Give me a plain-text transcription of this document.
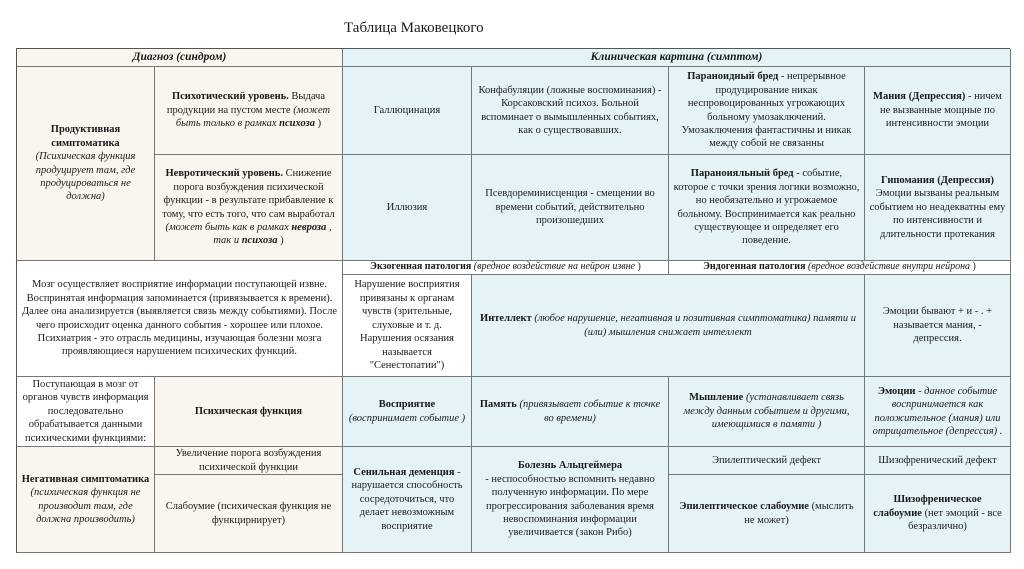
Таблица Маковецкого
Диагноз (синдром)	Клиническая картина (симптом)
Продуктивная симптоматика
(Психическая функция продуцирует там, где продуцироваться не должна)
Психотический уровень. Выдача продукции на пустом месте (может быть только в рамках психоза )
Галлюцинация
Конфабуляции (ложные воспоминания) - Корсаковский психоз. Больной вспоминает о вымышленных событиях, как о существовавших.
Параноидный бред - непрерывное продуцирование никак неспровоцированных угрожающих больному умозаключений. Умозаключения фантастичны и никак между собой не связанны
Мания (Депрессия) - ничем не вызванные мощные по интенсивности эмоции
Невротический уровень. Снижение порога возбуждения психической функции - в результате прибавление к тому, что есть того, что сам выработал (может быть как в рамках невроза , так и психоза )
Иллюзия
Псевдореминисценция - смещении во времени событий, действительно произошедших
Параноияльный бред - событие, которое с точки зрения логики возможно, но необязательно и угрожаемое больному. Воспринимается как реально существующее и определяет его поведение.
Гипомания (Депрессия)
Эмоции вызваны реальным событием но неадекватны ему по интенсивности и длительности протекания
Мозг осуществляет восприятие информации поступающей извне. Воспринятая информация запоминается (привязывается к времени). Далее она анализируется (выявляется связь между событиями). После чего происходит оценка данного события - хорошее или плохое. Психиатрия - это отрасль медицины, изучающая болезни мозга проявляющиеся нарушением психических функций.
Экзогенная патология (вредное воздействие на нейрон извне )	Эндогенная патология (вредное воздействие внутри нейрона )
Нарушение восприятия привязаны к органам чувств (зрительные, слуховые и т. д. Нарушения осязания называется "Сенестопатии")
Интеллект (любое нарушение, негативная и позитивная симптоматика) памяти и (или) мышления снижает интеллект
Эмоции бывают + и - . + называется мания, - депрессия.
Поступающая в мозг от органов чувств информация последовательно обрабатывается данными психическими функциями:
Психическая функция
Восприятие
(воспринимает событие )
Память (привязывает событие к точке во времени)
Мышление (устанавливает связь между данным событием и другими, имеющимися в памяти )
Эмоции - данное событие воспринимается как положительное (мания) или отрицательное (депрессия) .
Негативная симптоматика
(психическая функция не производит там, где должна производить)
Увеличение порога возбуждения психической функции
Слабоумие (психическая функция не функцирнирует)
Сенильная деменция - нарушается способность сосредоточиться, что делает невозможным восприятие
Болезнь Альцгеймера
- неспособностью вспомнить недавно полученную информации. По мере прогрессирования заболевания время невоспоминания информации увеличивается (закон Рибо)
Эпилептический дефект
Эпилептическое слабоумие (мыслить не может)
Шизофренический дефект
Шизофреническое слабоумие (нет эмоций - все безразлично)
